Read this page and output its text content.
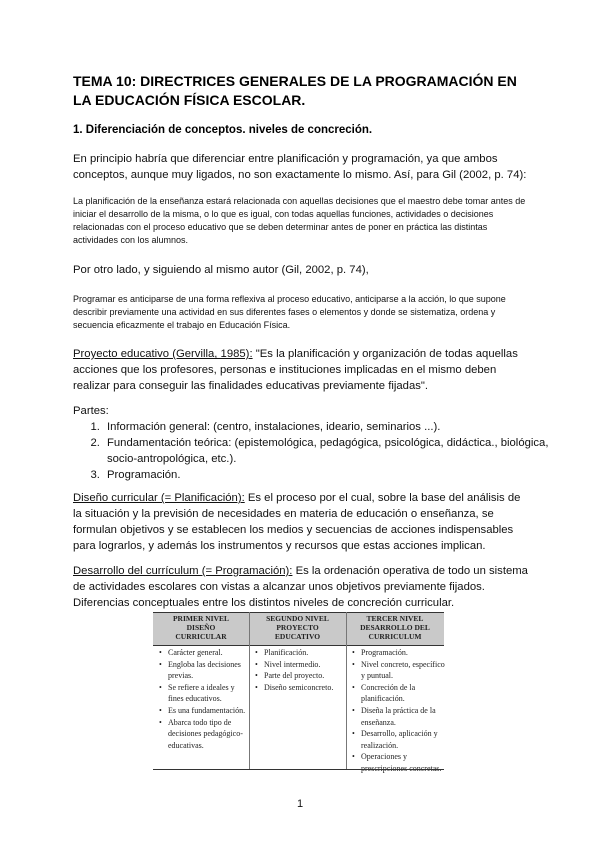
TEMA 10: DIRECTRICES GENERALES DE LA PROGRAMACIÓN EN LA EDUCACIÓN FÍSICA ESCOLAR.
1. Diferenciación de conceptos. niveles de concreción.
En principio habría que diferenciar entre planificación y programación, ya que ambos conceptos, aunque muy ligados, no son exactamente lo mismo. Así, para Gil (2002, p. 74):
La planificación de la enseñanza estará relacionada con aquellas decisiones que el maestro debe tomar antes de iniciar el desarrollo de la misma, o lo que es igual, con todas aquellas funciones, actividades o decisiones relacionadas con el proceso educativo que se deben determinar antes de poner en práctica las distintas actividades con los alumnos.
Por otro lado, y siguiendo al mismo autor (Gil, 2002, p. 74),
Programar es anticiparse de una forma reflexiva al proceso educativo, anticiparse a la acción, lo que supone describir previamente una actividad en sus diferentes fases o elementos y donde se sistematiza, ordena y secuencia eficazmente el trabajo en Educación Física.
Proyecto educativo (Gervilla, 1985): "Es la planificación y organización de todas aquellas acciones que los profesores, personas e instituciones implicadas en el mismo deben realizar para conseguir las finalidades educativas previamente fijadas".
Partes:
1. Información general: (centro, instalaciones, ideario, seminarios ...).
2. Fundamentación teórica: (epistemológica, pedagógica, psicológica, didáctica., biológica, socio-antropológica, etc.).
3. Programación.
Diseño curricular (= Planificación): Es el proceso por el cual, sobre la base del análisis de la situación y la previsión de necesidades en materia de educación o enseñanza, se formulan objetivos y se establecen los medios y secuencias de acciones indispensables para lograrlos, y además los instrumentos y recursos que estas acciones implican.
Desarrollo del currículum (= Programación): Es la ordenación operativa de todo un sistema de actividades escolares con vistas a alcanzar unos objetivos previamente fijados.
Diferencias conceptuales entre los distintos niveles de concreción curricular.
PRIMER NIVEL
DISEÑO
CURRICULAR
SEGUNDO NIVEL
PROYECTO
EDUCATIVO
TERCER NIVEL
DESARROLLO DEL
CURRICULUM
• Carácter general.
• Engloba las decisiones previas.
• Se refiere a ideales y fines educativos.
• Es una fundamentación.
• Abarca todo tipo de decisiones pedagógico-educativas.
• Planificación.
• Nivel intermedio.
• Parte del proyecto.
• Diseño semiconcreto.
• Programación.
• Nivel concreto, específico y puntual.
• Concreción de la planificación.
• Diseña la práctica de la enseñanza.
• Desarrollo, aplicación y realización.
• Operaciones y
1
